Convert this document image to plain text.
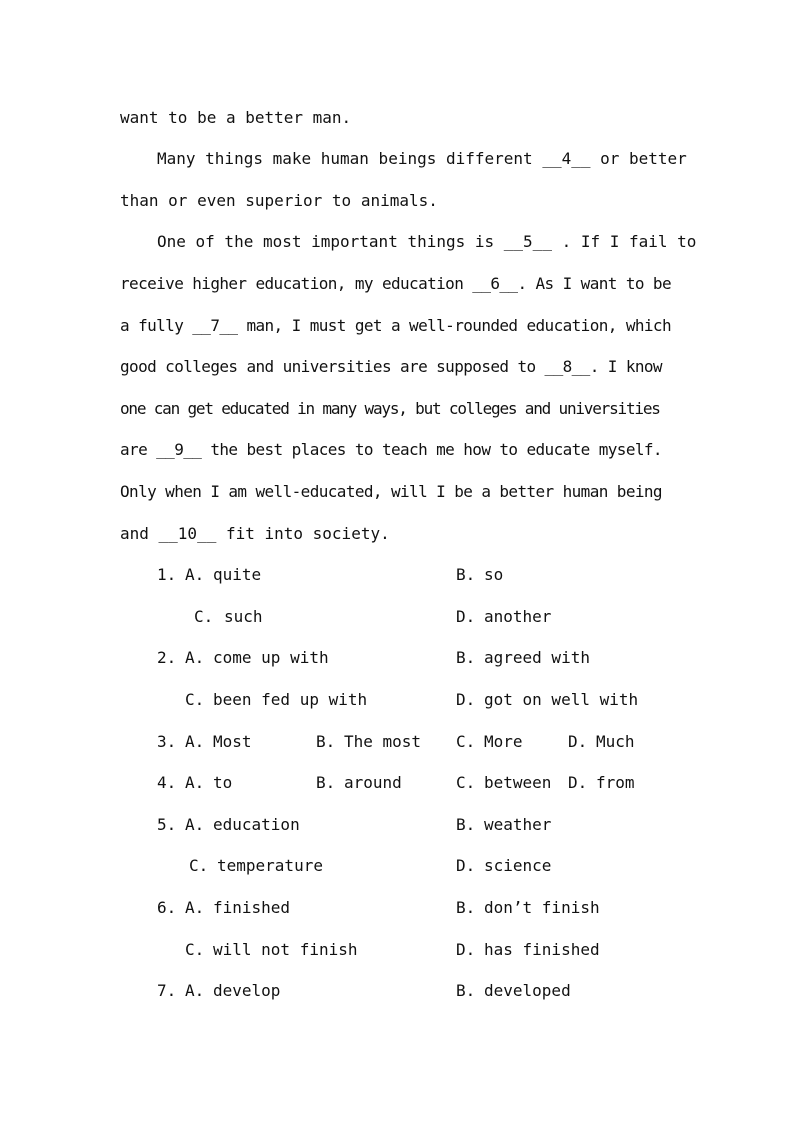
want to be a better man.
Many things make human beings different __4__ or better
than or even superior to animals.
One of the most important things is __5__ . If I fail to
receive higher education, my education __6__. As I want to be
a fully __7__ man, I must get a well-rounded education, which
good colleges and universities are supposed to __8__. I know
one can get educated in many ways, but colleges and universities
are __9__ the best places to teach me how to educate myself.
Only when I am well-educated, will I be a better human being
and __10__ fit into society.
1. A. quite	B. so
C. such	D. another
2. A. come up with	B. agreed with
C. been fed up with	D. got on well with
3. A. Most	B. The most C. More	D. Much
4. A. to	B. around	C. between D. from
5. A. education	B. weather
C. temperature	D. science
6. A. finished	B. don’t finish
C. will not finish	D. has finished
7. A. develop	B. developed
